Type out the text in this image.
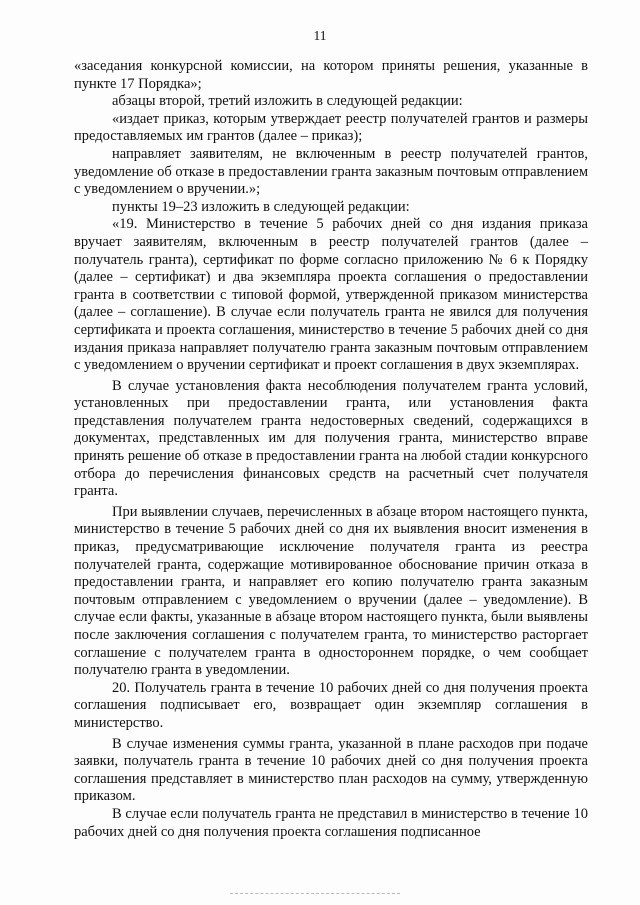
11

«заседания конкурсной комиссии, на котором приняты решения, указанные в пункте 17 Порядка»;

абзацы второй, третий изложить в следующей редакции:

«издает приказ, которым утверждает реестр получателей грантов и размеры предоставляемых им грантов (далее – приказ);

направляет заявителям, не включенным в реестр получателей грантов, уведомление об отказе в предоставлении гранта заказным почтовым отправлением с уведомлением о вручении.»;

пункты 19–23 изложить в следующей редакции:

«19. Министерство в течение 5 рабочих дней со дня издания приказа вручает заявителям, включенным в реестр получателей грантов (далее – получатель гранта), сертификат по форме согласно приложению № 6 к Порядку (далее – сертификат) и два экземпляра проекта соглашения о предоставлении гранта в соответствии с типовой формой, утвержденной приказом министерства (далее – соглашение). В случае если получатель гранта не явился для получения сертификата и проекта соглашения, министерство в течение 5 рабочих дней со дня издания приказа направляет получателю гранта заказным почтовым отправлением с уведомлением о вручении сертификат и проект соглашения в двух экземплярах.

В случае установления факта несоблюдения получателем гранта условий, установленных при предоставлении гранта, или установления факта представления получателем гранта недостоверных сведений, содержащихся в документах, представленных им для получения гранта, министерство вправе принять решение об отказе в предоставлении гранта на любой стадии конкурсного отбора до перечисления финансовых средств на расчетный счет получателя гранта.

При выявлении случаев, перечисленных в абзаце втором настоящего пункта, министерство в течение 5 рабочих дней со дня их выявления вносит изменения в приказ, предусматривающие исключение получателя гранта из реестра получателей гранта, содержащие мотивированное обоснование причин отказа в предоставлении гранта, и направляет его копию получателю гранта заказным почтовым отправлением с уведомлением о вручении (далее – уведомление). В случае если факты, указанные в абзаце втором настоящего пункта, были выявлены после заключения соглашения с получателем гранта, то министерство расторгает соглашение с получателем гранта в одностороннем порядке, о чем сообщает получателю гранта в уведомлении.

20. Получатель гранта в течение 10 рабочих дней со дня получения проекта соглашения подписывает его, возвращает один экземпляр соглашения в министерство.

В случае изменения суммы гранта, указанной в плане расходов при подаче заявки, получатель гранта в течение 10 рабочих дней со дня получения проекта соглашения представляет в министерство план расходов на сумму, утвержденную приказом.

В случае если получатель гранта не представил в министерство в течение 10 рабочих дней со дня получения проекта соглашения подписанное
